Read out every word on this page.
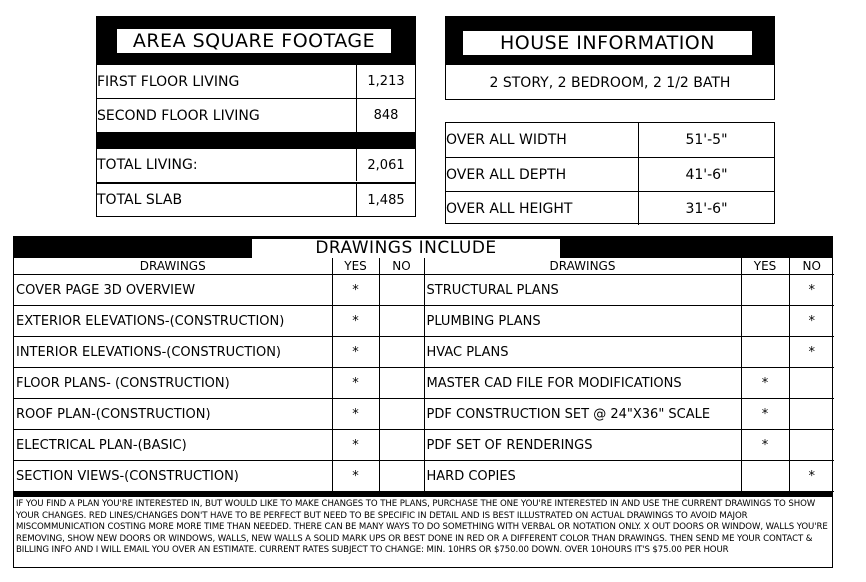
AREA SQUARE FOOTAGE
FIRST FLOOR LIVING	1,213
SECOND FLOOR LIVING	848
TOTAL LIVING:	2,061
TOTAL SLAB	1,485
HOUSE INFORMATION
2 STORY, 2 BEDROOM, 2 1/2 BATH
OVER ALL WIDTH	51'-5"
OVER ALL DEPTH	41'-6"
OVER ALL HEIGHT	31'-6"
DRAWINGS INCLUDE
DRAWINGS	YES	NO	DRAWINGS	YES	NO
COVER PAGE 3D OVERVIEW	*		STRUCTURAL PLANS		*
EXTERIOR ELEVATIONS-(CONSTRUCTION)	*		PLUMBING PLANS		*
INTERIOR ELEVATIONS-(CONSTRUCTION)	*		HVAC PLANS		*
FLOOR PLANS- (CONSTRUCTION)	*		MASTER CAD FILE FOR MODIFICATIONS	*	
ROOF PLAN-(CONSTRUCTION)	*		PDF CONSTRUCTION SET @ 24"X36" SCALE	*	
ELECTRICAL PLAN-(BASIC)	*		PDF SET OF RENDERINGS	*	
SECTION VIEWS-(CONSTRUCTION)	*		HARD COPIES		*
IF YOU FIND A PLAN YOU'RE INTERESTED IN, BUT WOULD LIKE TO MAKE CHANGES TO THE PLANS, PURCHASE THE ONE YOU'RE INTERESTED IN AND USE THE CURRENT DRAWINGS TO SHOW YOUR CHANGES. RED LINES/CHANGES DON'T HAVE TO BE PERFECT BUT NEED TO BE SPECIFIC IN DETAIL AND IS BEST ILLUSTRATED ON ACTUAL DRAWINGS TO AVOID MAJOR MISCOMMUNICATION COSTING MORE MORE TIME THAN NEEDED. THERE CAN BE MANY WAYS TO DO SOMETHING WITH VERBAL OR NOTATION ONLY. X OUT DOORS OR WINDOW, WALLS YOU'RE REMOVING, SHOW NEW DOORS OR WINDOWS, WALLS, NEW WALLS A SOLID MARK UPS OR BEST DONE IN RED OR A DIFFERENT COLOR THAN DRAWINGS. THEN SEND ME YOUR CONTACT & BILLING INFO AND I WILL EMAIL YOU OVER AN ESTIMATE. CURRENT RATES SUBJECT TO CHANGE: MIN. 10HRS OR $750.00 DOWN. OVER 10HOURS IT'S $75.00 PER HOUR
